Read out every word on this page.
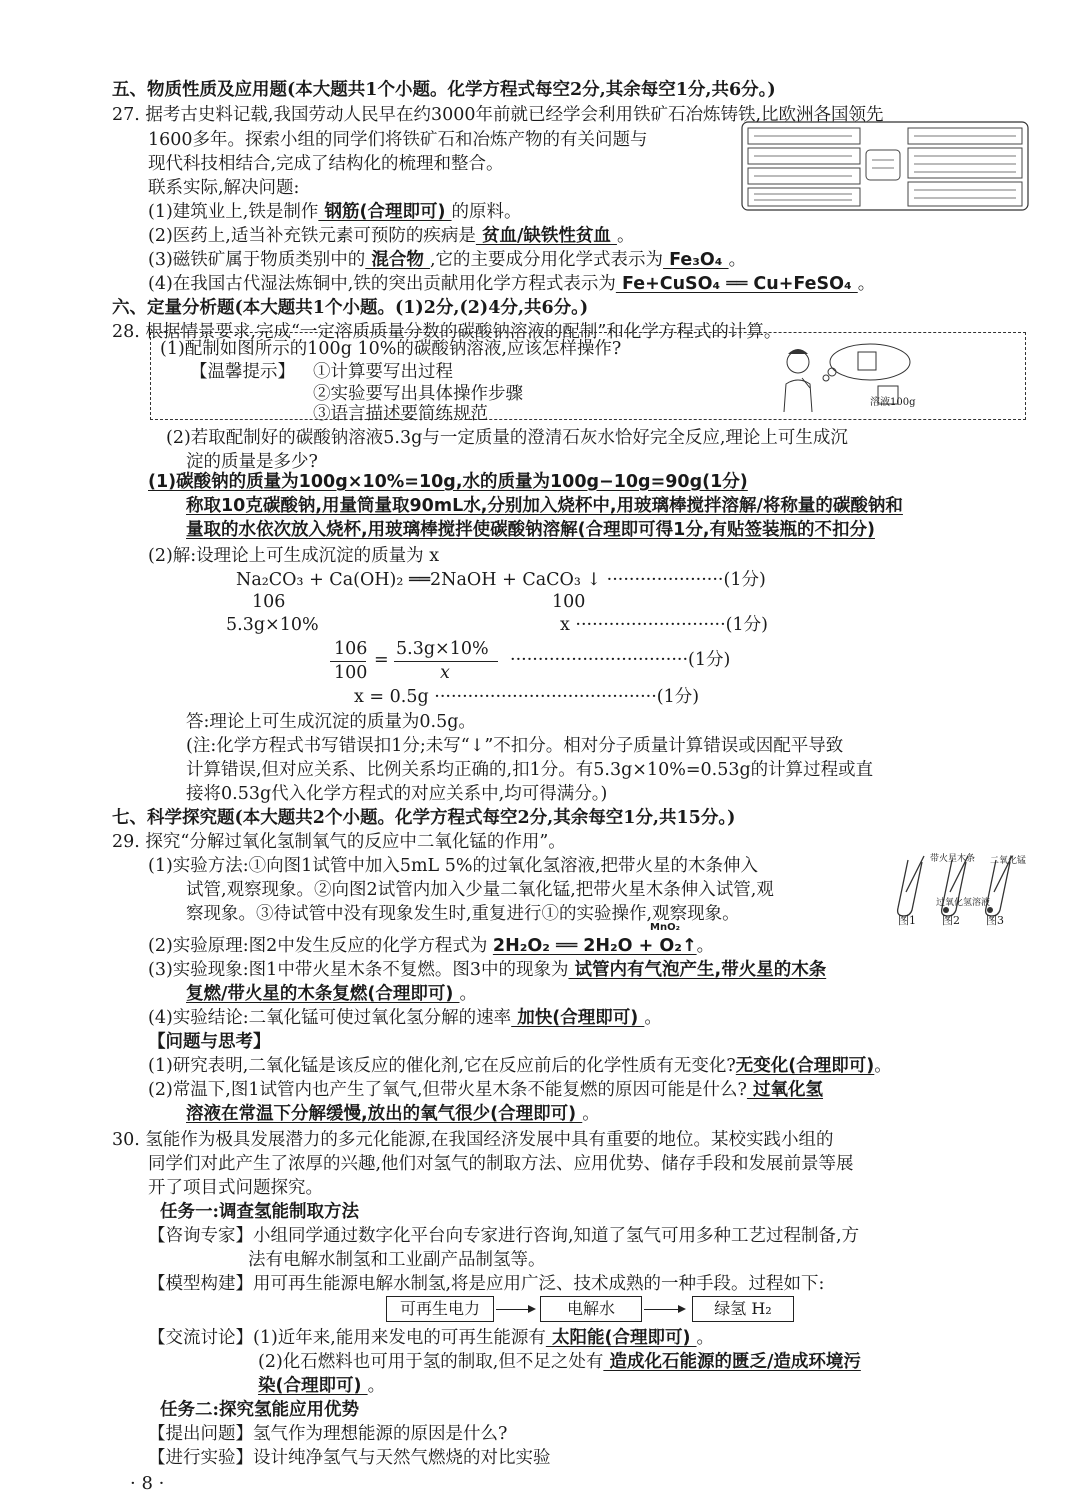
五、物质性质及应用题(本大题共1个小题。化学方程式每空2分,其余每空1分,共6分。)
27. 据考古史料记载,我国劳动人民早在约3000年前就已经学会利用铁矿石冶炼铸铁,比欧洲各国领先
1600多年。探索小组的同学们将铁矿石和冶炼产物的有关问题与
现代科技相结合,完成了结构化的梳理和整合。
联系实际,解决问题:
(1)建筑业上,铁是制作 钢筋(合理即可) 的原料。
(2)医药上,适当补充铁元素可预防的疾病是 贫血/缺铁性贫血 。
(3)磁铁矿属于物质类别中的 混合物 ,它的主要成分用化学式表示为 Fe₃O₄ 。
(4)在我国古代湿法炼铜中,铁的突出贡献用化学方程式表示为 Fe+CuSO₄ ══ Cu+FeSO₄ 。
六、定量分析题(本大题共1个小题。(1)2分,(2)4分,共6分。)
28. 根据情景要求,完成“一定溶质质量分数的碳酸钠溶液的配制”和化学方程式的计算。
(1)配制如图所示的100g 10%的碳酸钠溶液,应该怎样操作?
【温馨提示】 ①计算要写出过程
②实验要写出具体操作步骤
③语言描述要简练规范
溶液100g
(2)若取配制好的碳酸钠溶液5.3g与一定质量的澄清石灰水恰好完全反应,理论上可生成沉
淀的质量是多少?
(1)碳酸钠的质量为100g×10%=10g,水的质量为100g−10g=90g(1分)
称取10克碳酸钠,用量筒量取90mL水,分别加入烧杯中,用玻璃棒搅拌溶解/将称量的碳酸钠和
量取的水依次放入烧杯,用玻璃棒搅拌使碳酸钠溶解(合理即可得1分,有贴签装瓶的不扣分)
(2)解:设理论上可生成沉淀的质量为 x
Na₂CO₃ + Ca(OH)₂ ══2NaOH + CaCO₃ ↓ ·····················(1分)
106	100
5.3g×10%	x ···························(1分)
106
100
=
5.3g×10%
x
································(1分)
x = 0.5g ········································(1分)
答:理论上可生成沉淀的质量为0.5g。
(注:化学方程式书写错误扣1分;未写“↓”不扣分。相对分子质量计算错误或因配平导致
计算错误,但对应关系、比例关系均正确的,扣1分。有5.3g×10%=0.53g的计算过程或直
接将0.53g代入化学方程式的对应关系中,均可得满分。)
七、科学探究题(本大题共2个小题。化学方程式每空2分,其余每空1分,共15分。)
29. 探究“分解过氧化氢制氧气的反应中二氧化锰的作用”。
(1)实验方法:①向图1试管中加入5mL 5%的过氧化氢溶液,把带火星的木条伸入
试管,观察现象。②向图2试管内加入少量二氧化锰,把带火星木条伸入试管,观
察现象。③待试管中没有现象发生时,重复进行①的实验操作,观察现象。
带火星木条 二氧化锰
过氧化氢溶液
图1 图2 图3
(2)实验原理:图2中发生反应的化学方程式为 2H₂O₂ ══ 2H₂O + O₂↑。
MnO₂
(3)实验现象:图1中带火星木条不复燃。图3中的现象为 试管内有气泡产生,带火星的木条
复燃/带火星的木条复燃(合理即可) 。
(4)实验结论:二氧化锰可使过氧化氢分解的速率 加快(合理即可) 。
【问题与思考】
(1)研究表明,二氧化锰是该反应的催化剂,它在反应前后的化学性质有无变化?无变化(合理即可)。
(2)常温下,图1试管内也产生了氧气,但带火星木条不能复燃的原因可能是什么? 过氧化氢
溶液在常温下分解缓慢,放出的氧气很少(合理即可) 。
30. 氢能作为极具发展潜力的多元化能源,在我国经济发展中具有重要的地位。某校实践小组的
同学们对此产生了浓厚的兴趣,他们对氢气的制取方法、应用优势、储存手段和发展前景等展
开了项目式问题探究。
任务一:调查氢能制取方法
【咨询专家】小组同学通过数字化平台向专家进行咨询,知道了氢气可用多种工艺过程制备,方
法有电解水制氢和工业副产品制氢等。
【模型构建】用可再生能源电解水制氢,将是应用广泛、技术成熟的一种手段。过程如下:
可再生电力	电解水	绿氢 H₂
【交流讨论】(1)近年来,能用来发电的可再生能源有 太阳能(合理即可) 。
(2)化石燃料也可用于氢的制取,但不足之处有 造成化石能源的匮乏/造成环境污
染(合理即可) 。
任务二:探究氢能应用优势
【提出问题】氢气作为理想能源的原因是什么?
【进行实验】设计纯净氢气与天然气燃烧的对比实验
· 8 ·
